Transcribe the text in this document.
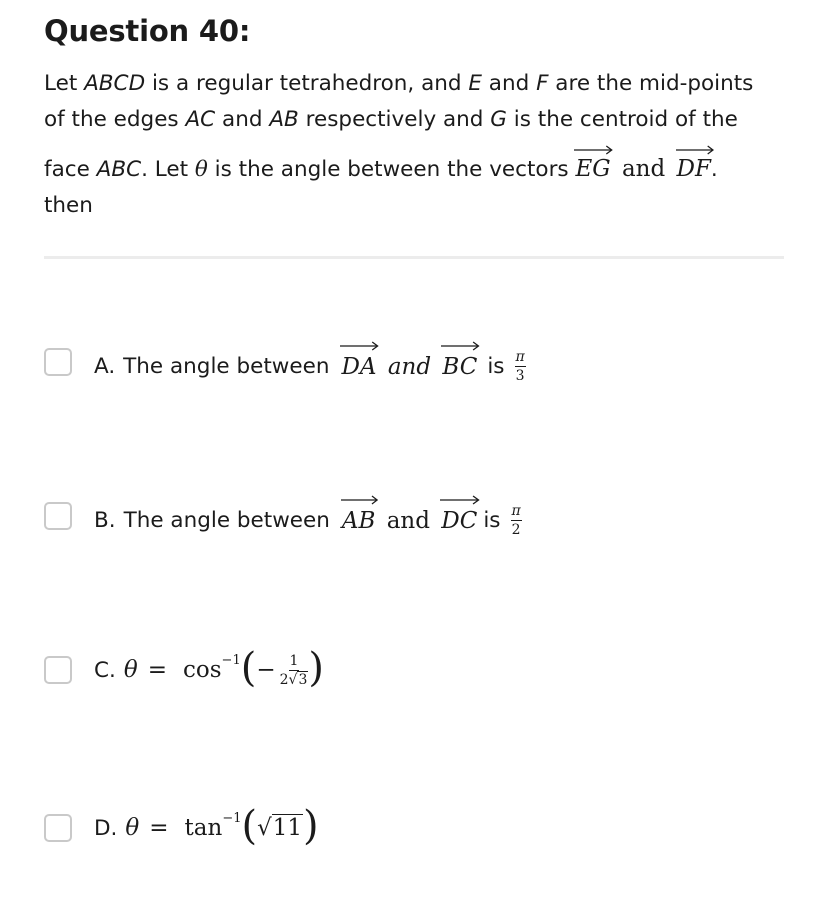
Question 40:
Let ABCD is a regular tetrahedron, and E and F are the mid-points
of the edges AC and AB respectively and G is the centroid of the
face ABC. Let θ is the angle between the vectors
EG and DF.
then
A. The angle between DA and BC is $\frac{\pi}{3}$
B. The angle between AB and DC is $\frac{\pi}{2}$
C. θ = cos −1 ( − $\frac{1}{2√3}$ )
D. θ = tan −1 ( √ 11 )
